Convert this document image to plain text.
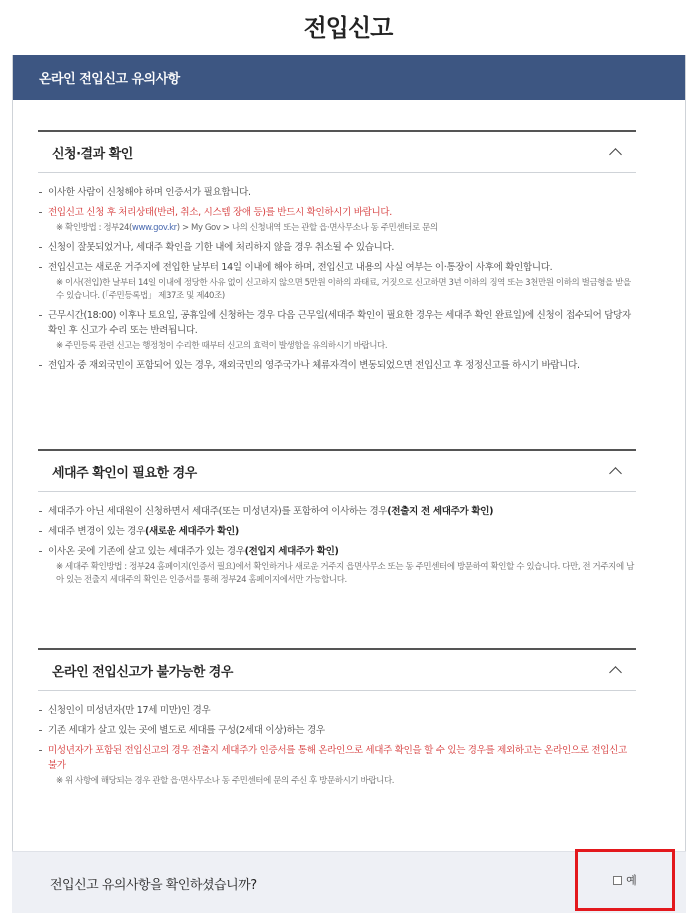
전입신고
온라인 전입신고 유의사항
신청·결과 확인
이사한 사람이 신청해야 하며 인증서가 필요합니다.
전입신고 신청 후 처리상태(반려, 취소, 시스템 장애 등)를 반드시 확인하시기 바랍니다.
※ 확인방법 : 정부24(www.gov.kr) > My Gov > 나의 신청내역 또는 관할 읍·면사무소나 동 주민센터로 문의
신청이 잘못되었거나, 세대주 확인을 기한 내에 처리하지 않을 경우 취소될 수 있습니다.
전입신고는 새로운 거주지에 전입한 날부터 14일 이내에 해야 하며, 전입신고 내용의 사실 여부는 이·통장이 사후에 확인합니다.
※ 이사(전입)한 날부터 14일 이내에 정당한 사유 없이 신고하지 않으면 5만원 이하의 과태료, 거짓으로 신고하면 3년 이하의 징역 또는 3천만원 이하의 벌금형을 받을 수 있습니다. (「주민등록법」 제37조 및 제40조)
근무시간(18:00) 이후나 토요일, 공휴일에 신청하는 경우 다음 근무일(세대주 확인이 필요한 경우는 세대주 확인 완료일)에 신청이 접수되어 담당자 확인 후 신고가 수리 또는 반려됩니다.
※ 주민등록 관련 신고는 행정청이 수리한 때부터 신고의 효력이 발생함을 유의하시기 바랍니다.
전입자 중 재외국민이 포함되어 있는 경우, 재외국민의 영주국가나 체류자격이 변동되었으면 전입신고 후 정정신고를 하시기 바랍니다.
세대주 확인이 필요한 경우
세대주가 아닌 세대원이 신청하면서 세대주(또는 미성년자)를 포함하여 이사하는 경우(전출지 전 세대주가 확인)
세대주 변경이 있는 경우(새로운 세대주가 확인)
이사온 곳에 기존에 살고 있는 세대주가 있는 경우(전입지 세대주가 확인)
※ 세대주 확인방법 : 정부24 홈페이지(인증서 필요)에서 확인하거나 새로운 거주지 읍면사무소 또는 동 주민센터에 방문하여 확인할 수 있습니다. 다만, 전 거주지에 남아 있는 전출지 세대주의 확인은 인증서를 통해 정부24 홈페이지에서만 가능합니다.
온라인 전입신고가 불가능한 경우
신청인이 미성년자(만 17세 미만)인 경우
기존 세대가 살고 있는 곳에 별도로 세대를 구성(2세대 이상)하는 경우
미성년자가 포함된 전입신고의 경우 전출지 세대주가 인증서를 통해 온라인으로 세대주 확인을 할 수 있는 경우를 제외하고는 온라인으로 전입신고 불가
※ 위 사항에 해당되는 경우 관할 읍·면사무소나 동 주민센터에 문의 주신 후 방문하시기 바랍니다.
전입신고 유의사항을 확인하셨습니까?	예
